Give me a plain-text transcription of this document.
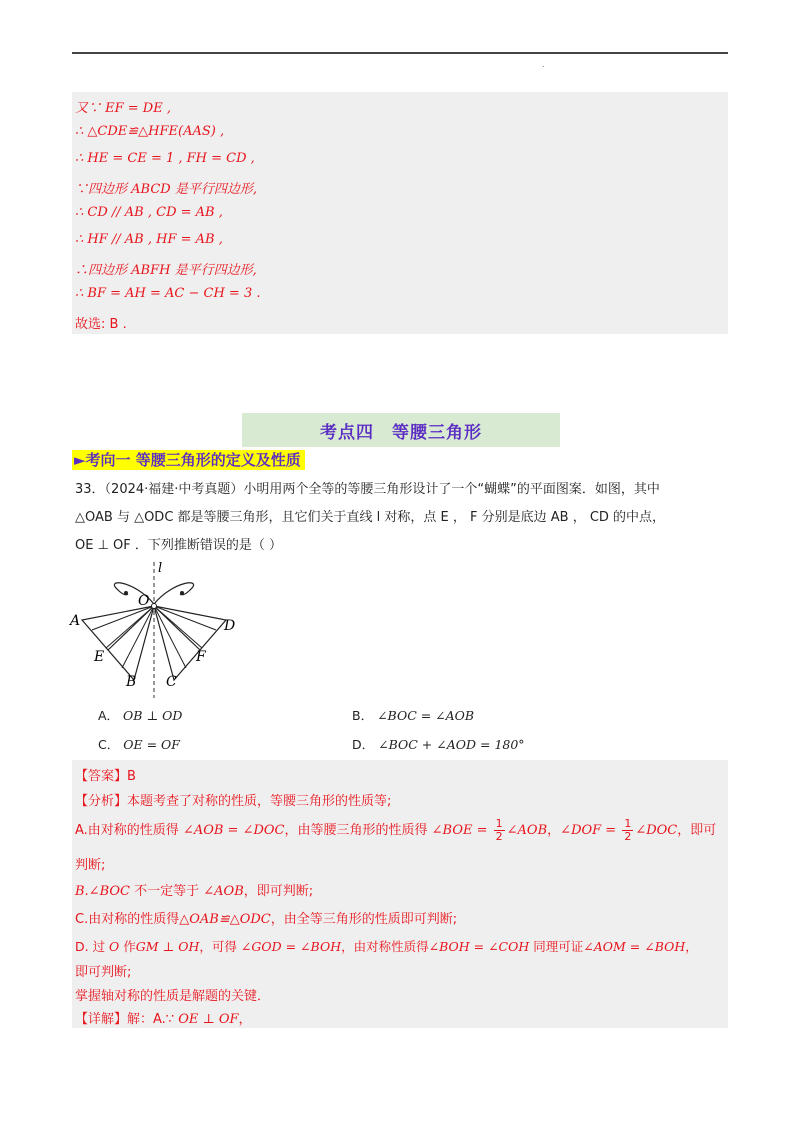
.
又∵ EF = DE ,
∴ △CDE≌△HFE(AAS) ,
∴ HE = CE = 1 , FH = CD ,
∵四边形 ABCD 是平行四边形,
∴ CD // AB , CD = AB ,
∴ HF // AB , HF = AB ,
∴四边形 ABFH 是平行四边形,
∴ BF = AH = AC − CH = 3 .
故选: B .
考点四　等腰三角形
►考向一 等腰三角形的定义及性质
33．（2024·福建·中考真题）小明用两个全等的等腰三角形设计了一个“蝴蝶”的平面图案．如图，其中
△OAB 与 △ODC 都是等腰三角形，且它们关于直线 l 对称，点 E ， F 分别是底边 AB ， CD 的中点，
OE ⊥ OF ．下列推断错误的是（ ）
l
O
A	D
E	F
B C
A． OB ⊥ OD	B． ∠BOC = ∠AOB
C． OE = OF	D． ∠BOC + ∠AOD = 180°
【答案】B
【分析】本题考查了对称的性质，等腰三角形的性质等;
A.由对称的性质得 ∠AOB = ∠DOC，由等腰三角形的性质得 ∠BOE = $\frac{1}{2}$ ∠AOB，∠DOF = $\frac{1}{2}$ ∠DOC，即可
判断;
B.∠BOC 不一定等于 ∠AOB，即可判断;
C.由对称的性质得△OAB≌△ODC，由全等三角形的性质即可判断;
D. 过 O 作GM ⊥ OH，可得 ∠GOD = ∠BOH，由对称性质得∠BOH = ∠COH 同理可证∠AOM = ∠BOH，
即可判断;
掌握轴对称的性质是解题的关键．
【详解】解：A.∵ OE ⊥ OF，
